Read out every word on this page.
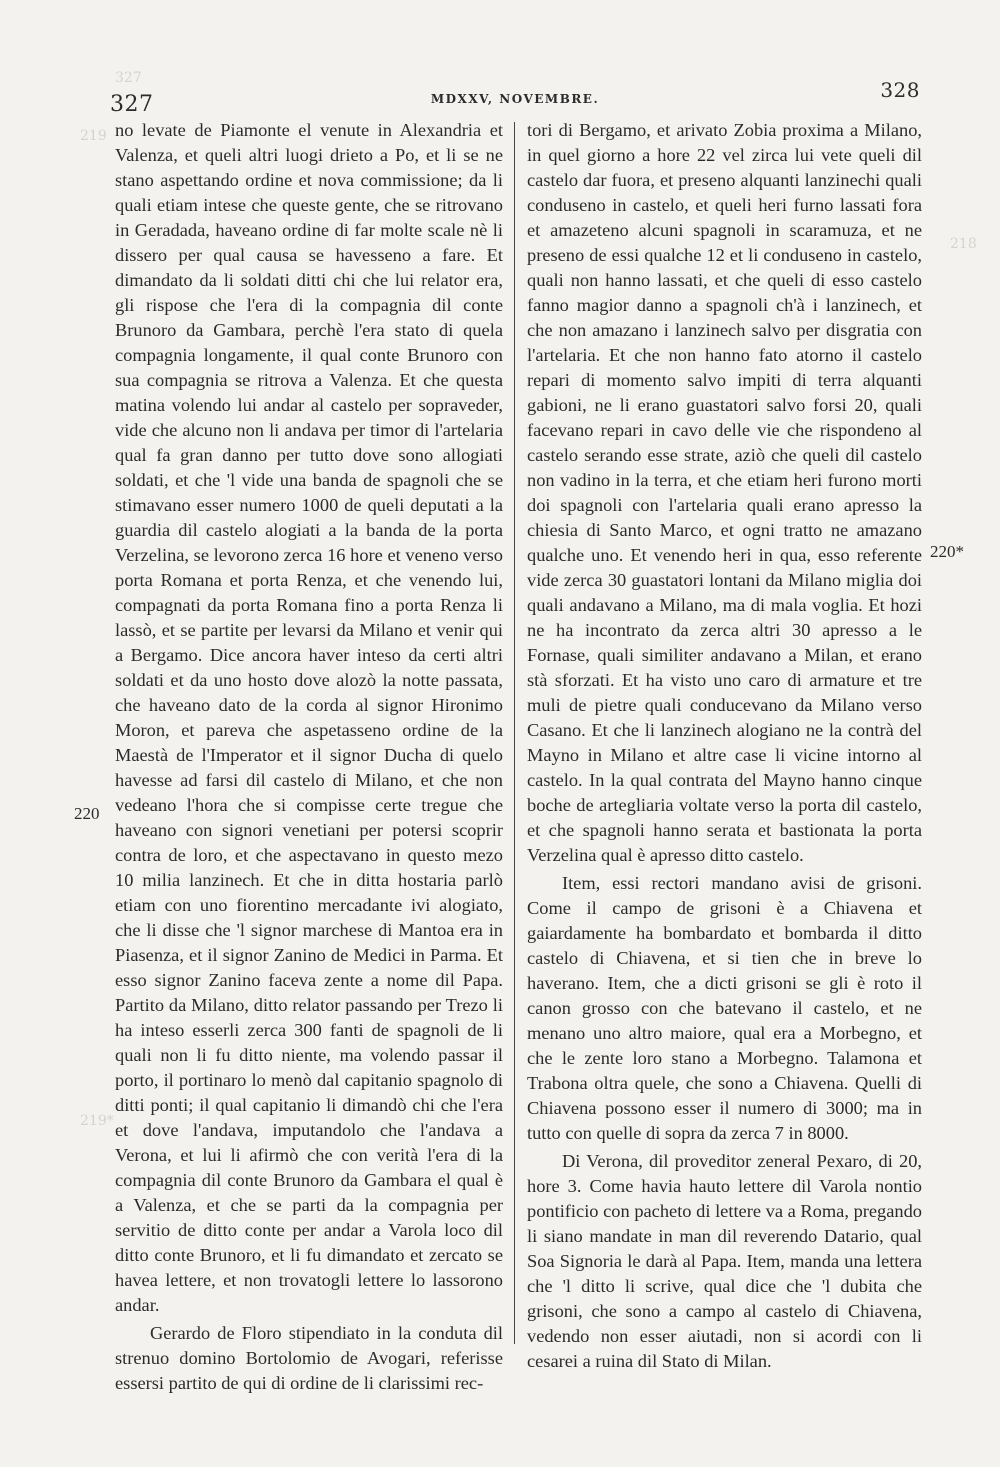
327
219
219*
218
327	MDXXV, NOVEMBRE.	328

no levate de Piamonte el venute in Alexandria et Valenza, et queli altri luogi drieto a Po, et li se ne stano aspettando ordine et nova commissione; da li quali etiam intese che queste gente, che se ritrovano in Geradada, haveano ordine di far molte scale nè li dissero per qual causa se havesseno a fare. Et dimandato da li soldati ditti chi che lui relator era, gli rispose che l'era di la compagnia dil conte Brunoro da Gambara, perchè l'era stato di quela compagnia longamente, il qual conte Brunoro con sua compagnia se ritrova a Valenza. Et che questa matina volendo lui andar al castelo per sopraveder, vide che alcuno non li andava per timor di l'artelaria qual fa gran danno per tutto dove sono allogiati soldati, et che 'l vide una banda de spagnoli che se stimavano esser numero 1000 de queli deputati a la guardia dil castelo alogiati a la banda de la porta Verzelina, se levorono zerca 16 hore et veneno verso porta Romana et porta Renza, et che venendo lui, compagnati da porta Romana fino a porta Renza li lassò, et se partite per levarsi da Milano et venir qui a Bergamo. Dice ancora haver inteso da certi altri soldati et da uno hosto dove alozò la notte passata, che haveano dato de la corda al signor Hironimo Moron, et pareva che aspetasseno ordine de la Maestà de l'Imperator et il signor Ducha di quelo havesse ad farsi dil castelo di Milano, et che non vedeano l'hora che si compisse certe tregue che haveano con signori venetiani per potersi scoprir contra de loro, et che aspectavano in questo mezo 10 milia lanzinech. Et che in ditta hostaria parlò etiam con uno fiorentino mercadante ivi alogiato, che li disse che 'l signor marchese di Mantoa era in Piasenza, et il signor Zanino de Medici in Parma. Et esso signor Zanino faceva zente a nome dil Papa. Partito da Milano, ditto relator passando per Trezo li ha inteso esserli zerca 300 fanti de spagnoli de li quali non li fu ditto niente, ma volendo passar il porto, il portinaro lo menò dal capitanio spagnolo di ditti ponti; il qual capitanio li dimandò chi che l'era et dove l'andava, imputandolo che l'andava a Verona, et lui li afirmò che con verità l'era di la compagnia dil conte Brunoro da Gambara el qual è a Valenza, et che se parti da la compagnia per servitio de ditto conte per andar a Varola loco dil ditto conte Brunoro, et li fu dimandato et zercato se havea lettere, et non trovatogli lettere lo lassorono andar.

Gerardo de Floro stipendiato in la conduta dil strenuo domino Bortolomio de Avogari, referisse essersi partito de qui di ordine de li clarissimi rec-

tori di Bergamo, et arivato Zobia proxima a Milano, in quel giorno a hore 22 vel zirca lui vete queli dil castelo dar fuora, et preseno alquanti lanzinechi quali conduseno in castelo, et queli heri furno lassati fora et amazeteno alcuni spagnoli in scaramuza, et ne preseno de essi qualche 12 et li conduseno in castelo, quali non hanno lassati, et che queli di esso castelo fanno magior danno a spagnoli ch'à i lanzinech, et che non amazano i lanzinech salvo per disgratia con l'artelaria. Et che non hanno fato atorno il castelo repari di momento salvo impiti di terra alquanti gabioni, ne li erano guastatori salvo forsi 20, quali facevano repari in cavo delle vie che rispondeno al castelo serando esse strate, aziò che queli dil castelo non vadino in la terra, et che etiam heri furono morti doi spagnoli con l'artelaria quali erano apresso la chiesia di Santo Marco, et ogni tratto ne amazano qualche uno. Et venendo heri in qua, esso referente vide zerca 30 guastatori lontani da Milano miglia doi quali andavano a Milano, ma di mala voglia. Et hozi ne ha incontrato da zerca altri 30 apresso a le Fornase, quali similiter andavano a Milan, et erano stà sforzati. Et ha visto uno caro di armature et tre muli de pietre quali conducevano da Milano verso Casano. Et che li lanzinech alogiano ne la contrà del Mayno in Milano et altre case li vicine intorno al castelo. In la qual contrata del Mayno hanno cinque boche de artegliaria voltate verso la porta dil castelo, et che spagnoli hanno serata et bastionata la porta Verzelina qual è apresso ditto castelo.

Item, essi rectori mandano avisi de grisoni. Come il campo de grisoni è a Chiavena et gaiardamente ha bombardato et bombarda il ditto castelo di Chiavena, et si tien che in breve lo haverano. Item, che a dicti grisoni se gli è roto il canon grosso con che batevano il castelo, et ne menano uno altro maiore, qual era a Morbegno, et che le zente loro stano a Morbegno. Talamona et Trabona oltra quele, che sono a Chiavena. Quelli di Chiavena possono esser il numero di 3000; ma in tutto con quelle di sopra da zerca 7 in 8000.

Di Verona, dil proveditor zeneral Pexaro, di 20, hore 3. Come havia hauto lettere dil Varola nontio pontificio con pacheto di lettere va a Roma, pregando li siano mandate in man dil reverendo Datario, qual Soa Signoria le darà al Papa. Item, manda una lettera che 'l ditto li scrive, qual dice che 'l dubita che grisoni, che sono a campo al castelo di Chiavena, vedendo non esser aiutadi, non si acordi con li cesarei a ruina dil Stato di Milan.

220
220*
